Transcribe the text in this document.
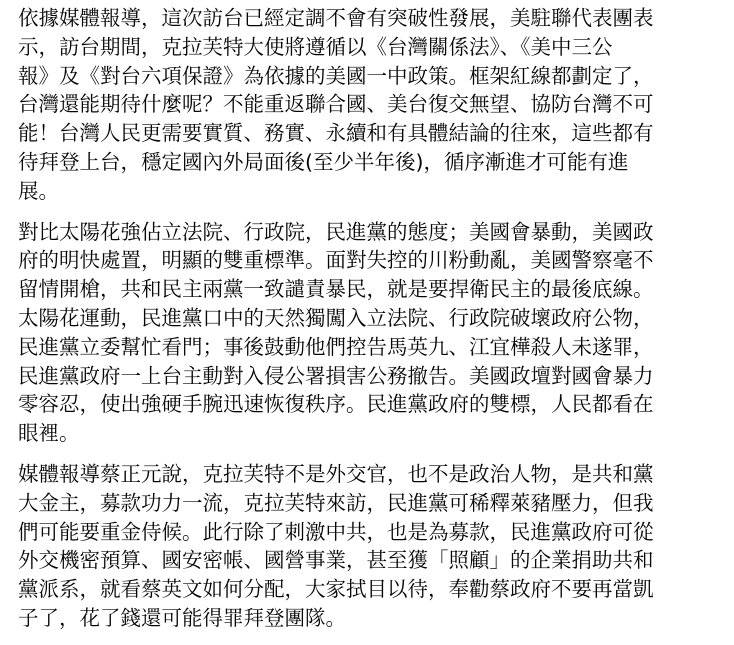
依據媒體報導，這次訪台已經定調不會有突破性發展，美駐聯代表團表
示，訪台期間，克拉芙特大使將遵循以《台灣關係法》、《美中三公
報》及《對台六項保證》為依據的美國一中政策。框架紅線都劃定了，
台灣還能期待什麼呢？不能重返聯合國、美台復交無望、協防台灣不可
能！台灣人民更需要實質、務實、永續和有具體結論的往來，這些都有
待拜登上台，穩定國內外局面後(至少半年後)，循序漸進才可能有進
展。

對比太陽花強佔立法院、行政院，民進黨的態度；美國會暴動，美國政
府的明快處置，明顯的雙重標準。面對失控的川粉動亂，美國警察毫不
留情開槍，共和民主兩黨一致譴責暴民，就是要捍衛民主的最後底線。
太陽花運動，民進黨口中的天然獨闖入立法院、行政院破壞政府公物，
民進黨立委幫忙看門；事後鼓動他們控告馬英九、江宜樺殺人未遂罪，
民進黨政府一上台主動對入侵公署損害公務撤告。美國政壇對國會暴力
零容忍，使出強硬手腕迅速恢復秩序。民進黨政府的雙標，人民都看在
眼裡。

媒體報導蔡正元說，克拉芙特不是外交官，也不是政治人物，是共和黨
大金主，募款功力一流，克拉芙特來訪，民進黨可稀釋萊豬壓力，但我
們可能要重金侍候。此行除了刺激中共，也是為募款，民進黨政府可從
外交機密預算、國安密帳、國營事業，甚至獲「照顧」的企業捐助共和
黨派系，就看蔡英文如何分配，大家拭目以待，奉勸蔡政府不要再當凱
子了，花了錢還可能得罪拜登團隊。
